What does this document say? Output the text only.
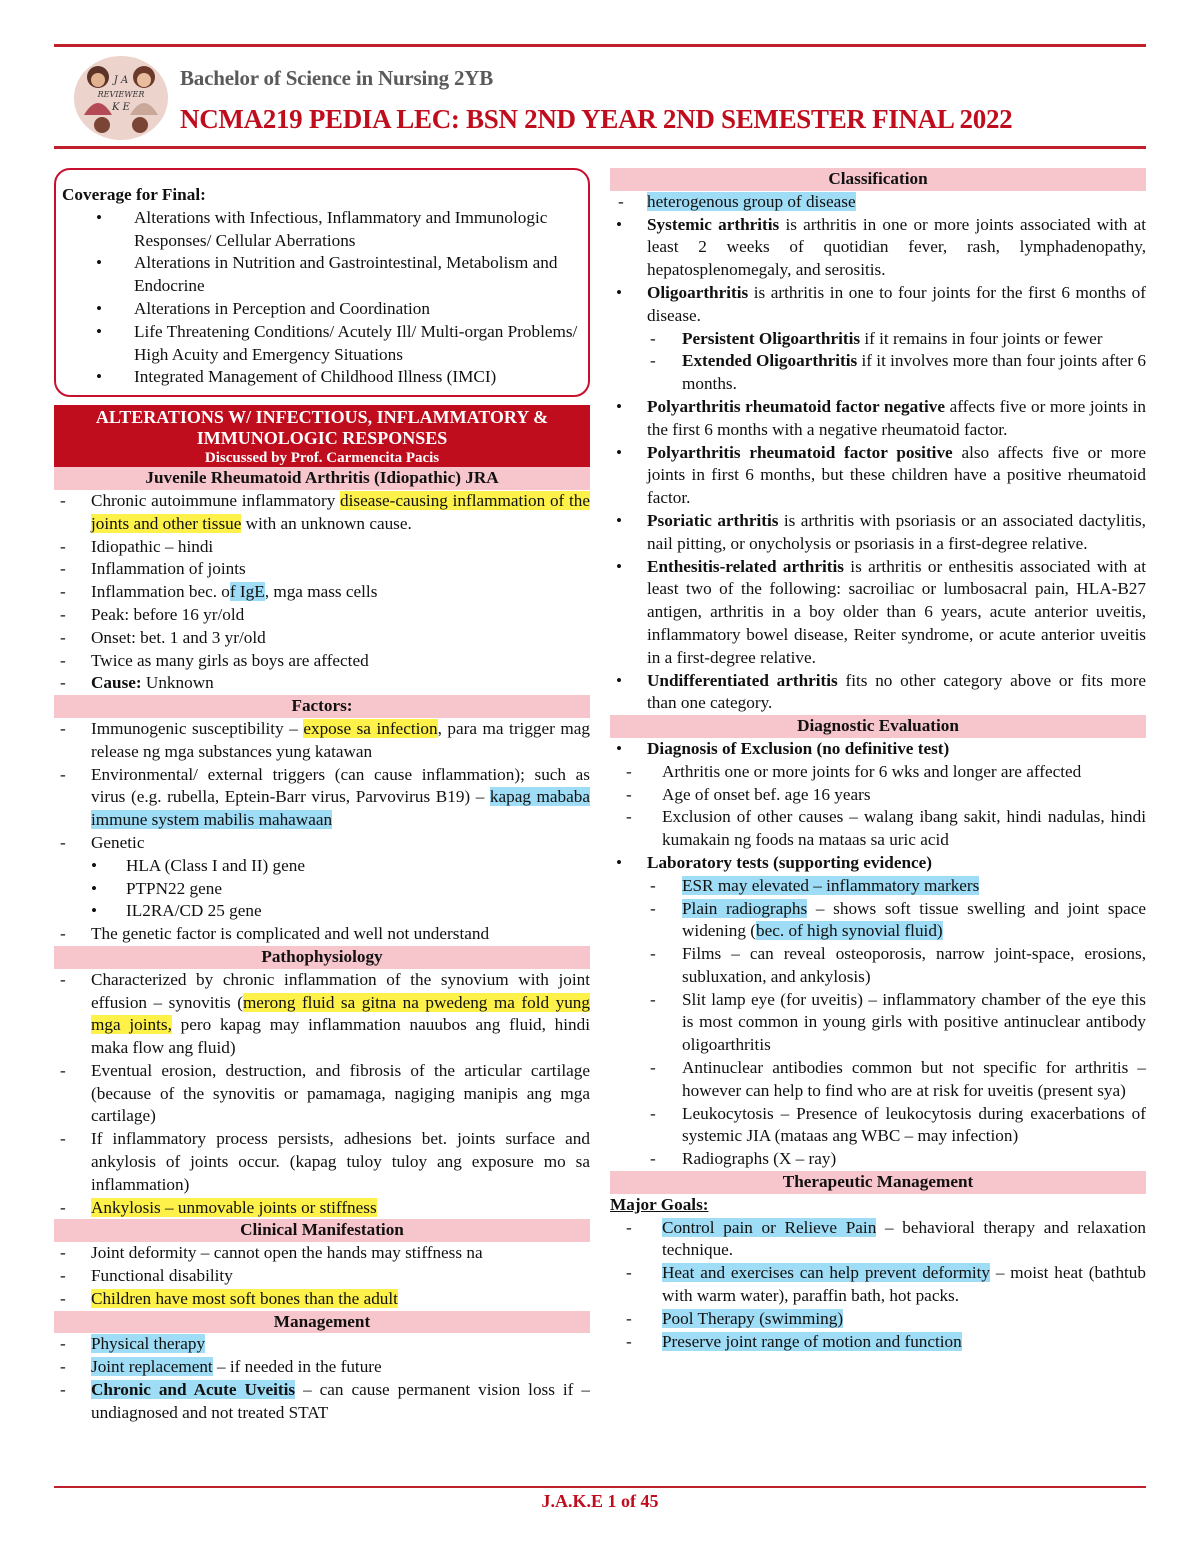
J A
REVIEWER
K E
Bachelor of Science in Nursing 2YB
NCMA219 PEDIA LEC: BSN 2ND YEAR 2ND SEMESTER FINAL 2022
Coverage for Final:
• Alterations with Infectious, Inflammatory and Immunologic Responses/ Cellular Aberrations
• Alterations in Nutrition and Gastrointestinal, Metabolism and Endocrine
• Alterations in Perception and Coordination
• Life Threatening Conditions/ Acutely Ill/ Multi-organ Problems/ High Acuity and Emergency Situations
• Integrated Management of Childhood Illness (IMCI)
ALTERATIONS W/ INFECTIOUS, INFLAMMATORY &
IMMUNOLOGIC RESPONSES
Discussed by Prof. Carmencita Pacis
Juvenile Rheumatoid Arthritis (Idiopathic) JRA
- Chronic autoimmune inflammatory disease-causing inflammation of the joints and other tissue with an unknown cause.
- Idiopathic – hindi
- Inflammation of joints
- Inflammation bec. of IgE, mga mass cells
- Peak: before 16 yr/old
- Onset: bet. 1 and 3 yr/old
- Twice as many girls as boys are affected
- Cause: Unknown
Factors:
- Immunogenic susceptibility – expose sa infection, para ma trigger mag release ng mga substances yung katawan
- Environmental/ external triggers (can cause inflammation); such as virus (e.g. rubella, Eptein-Barr virus, Parvovirus B19) – kapag mababa immune system mabilis mahawaan
- Genetic
• HLA (Class I and II) gene
• PTPN22 gene
• IL2RA/CD 25 gene
- The genetic factor is complicated and well not understand
Pathophysiology
- Characterized by chronic inflammation of the synovium with joint effusion – synovitis (merong fluid sa gitna na pwedeng ma fold yung mga joints, pero kapag may inflammation nauubos ang fluid, hindi maka flow ang fluid)
- Eventual erosion, destruction, and fibrosis of the articular cartilage (because of the synovitis or pamamaga, nagiging manipis ang mga cartilage)
- If inflammatory process persists, adhesions bet. joints surface and ankylosis of joints occur. (kapag tuloy tuloy ang exposure mo sa inflammation)
- Ankylosis – unmovable joints or stiffness
Clinical Manifestation
- Joint deformity – cannot open the hands may stiffness na
- Functional disability
- Children have most soft bones than the adult
Management
- Physical therapy
- Joint replacement – if needed in the future
- Chronic and Acute Uveitis – can cause permanent vision loss if – undiagnosed and not treated STAT
Classification
- heterogenous group of disease
• Systemic arthritis is arthritis in one or more joints associated with at least 2 weeks of quotidian fever, rash, lymphadenopathy, hepatosplenomegaly, and serositis.
• Oligoarthritis is arthritis in one to four joints for the first 6 months of disease.
- Persistent Oligoarthritis if it remains in four joints or fewer
- Extended Oligoarthritis if it involves more than four joints after 6 months.
• Polyarthritis rheumatoid factor negative affects five or more joints in the first 6 months with a negative rheumatoid factor.
• Polyarthritis rheumatoid factor positive also affects five or more joints in first 6 months, but these children have a positive rheumatoid factor.
• Psoriatic arthritis is arthritis with psoriasis or an associated dactylitis, nail pitting, or onycholysis or psoriasis in a first-degree relative.
• Enthesitis-related arthritis is arthritis or enthesitis associated with at least two of the following: sacroiliac or lumbosacral pain, HLA-B27 antigen, arthritis in a boy older than 6 years, acute anterior uveitis, inflammatory bowel disease, Reiter syndrome, or acute anterior uveitis in a first-degree relative.
• Undifferentiated arthritis fits no other category above or fits more than one category.
Diagnostic Evaluation
• Diagnosis of Exclusion (no definitive test)
- Arthritis one or more joints for 6 wks and longer are affected
- Age of onset bef. age 16 years
- Exclusion of other causes – walang ibang sakit, hindi nadulas, hindi kumakain ng foods na mataas sa uric acid
• Laboratory tests (supporting evidence)
- ESR may elevated – inflammatory markers
- Plain radiographs – shows soft tissue swelling and joint space widening (bec. of high synovial fluid)
- Films – can reveal osteoporosis, narrow joint-space, erosions, subluxation, and ankylosis)
- Slit lamp eye (for uveitis) – inflammatory chamber of the eye this is most common in young girls with positive antinuclear antibody oligoarthritis
- Antinuclear antibodies common but not specific for arthritis – however can help to find who are at risk for uveitis (present sya)
- Leukocytosis – Presence of leukocytosis during exacerbations of systemic JIA (mataas ang WBC – may infection)
- Radiographs (X – ray)
Therapeutic Management
Major Goals:
- Control pain or Relieve Pain – behavioral therapy and relaxation technique.
- Heat and exercises can help prevent deformity – moist heat (bathtub with warm water), paraffin bath, hot packs.
- Pool Therapy (swimming)
- Preserve joint range of motion and function
J.A.K.E 1 of 45
